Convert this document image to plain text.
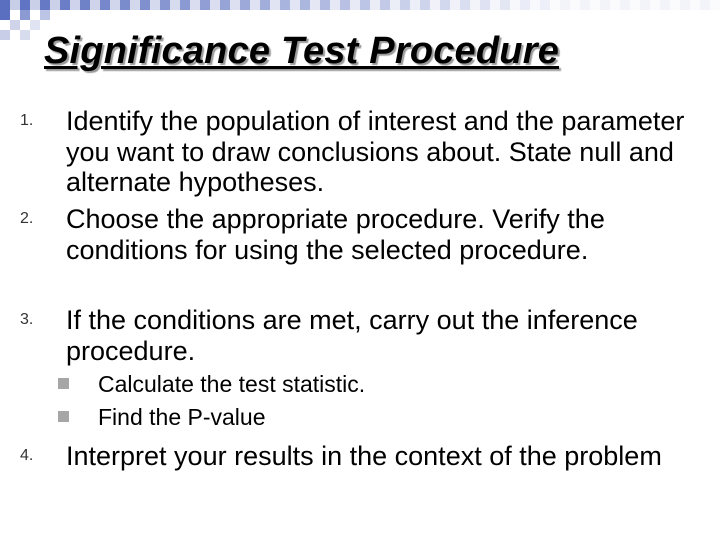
Significance Test Procedure
1. Identify the population of interest and the parameter you want to draw conclusions about. State null and alternate hypotheses.
2. Choose the appropriate procedure. Verify the conditions for using the selected procedure.
3. If the conditions are met, carry out the inference procedure.
Calculate the test statistic.
Find the P-value
4. Interpret your results in the context of the problem
